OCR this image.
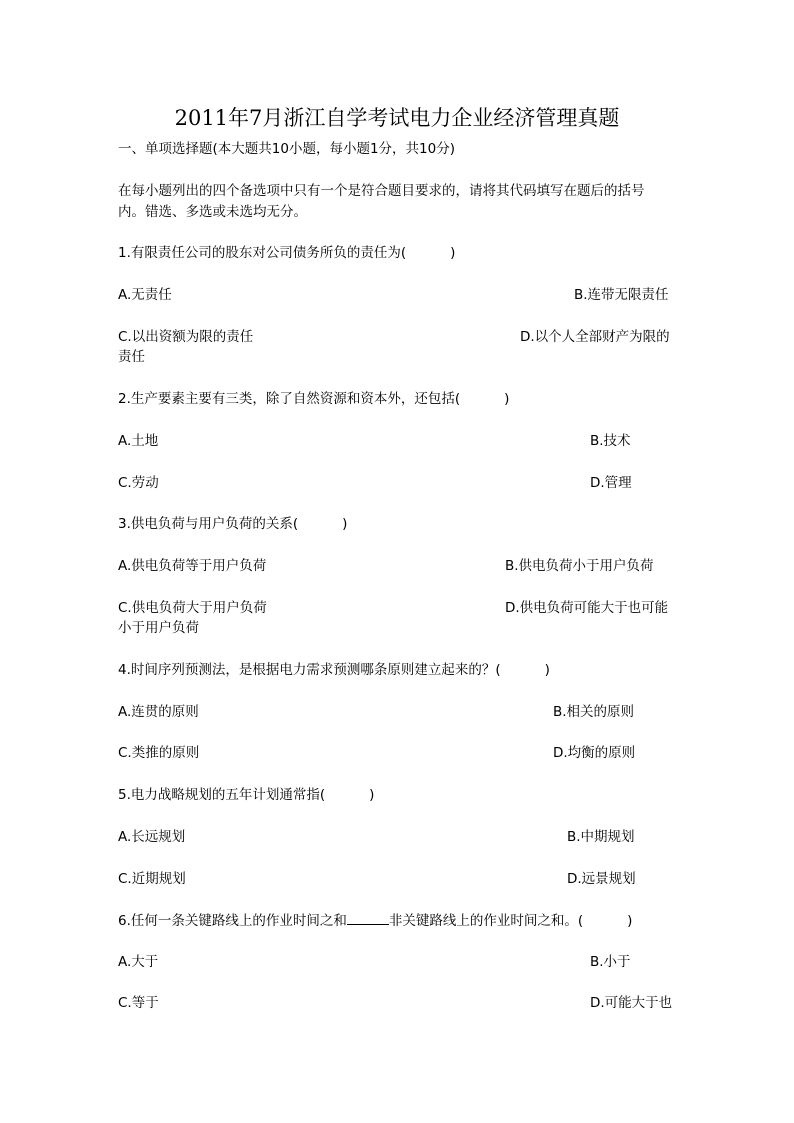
2011年7月浙江自学考试电力企业经济管理真题
一、单项选择题(本大题共10小题，每小题1分，共10分)
在每小题列出的四个备选项中只有一个是符合题目要求的，请将其代码填写在题后的括号
内。错选、多选或未选均无分。
1.有限责任公司的股东对公司债务所负的责任为(	)
A.无责任	B.连带无限责任
C.以出资额为限的责任	D.以个人全部财产为限的
责任
2.生产要素主要有三类，除了自然资源和资本外，还包括(	)
A.土地	B.技术
C.劳动	D.管理
3.供电负荷与用户负荷的关系(	)
A.供电负荷等于用户负荷	B.供电负荷小于用户负荷
C.供电负荷大于用户负荷	D.供电负荷可能大于也可能
小于用户负荷
4.时间序列预测法，是根据电力需求预测哪条原则建立起来的？(	)
A.连贯的原则	B.相关的原则
C.类推的原则	D.均衡的原则
5.电力战略规划的五年计划通常指(	)
A.长远规划	B.中期规划
C.近期规划	D.远景规划
6.任何一条关键路线上的作业时间之和	非关键路线上的作业时间之和。(	)
A.大于	B.小于
C.等于	D.可能大于也
